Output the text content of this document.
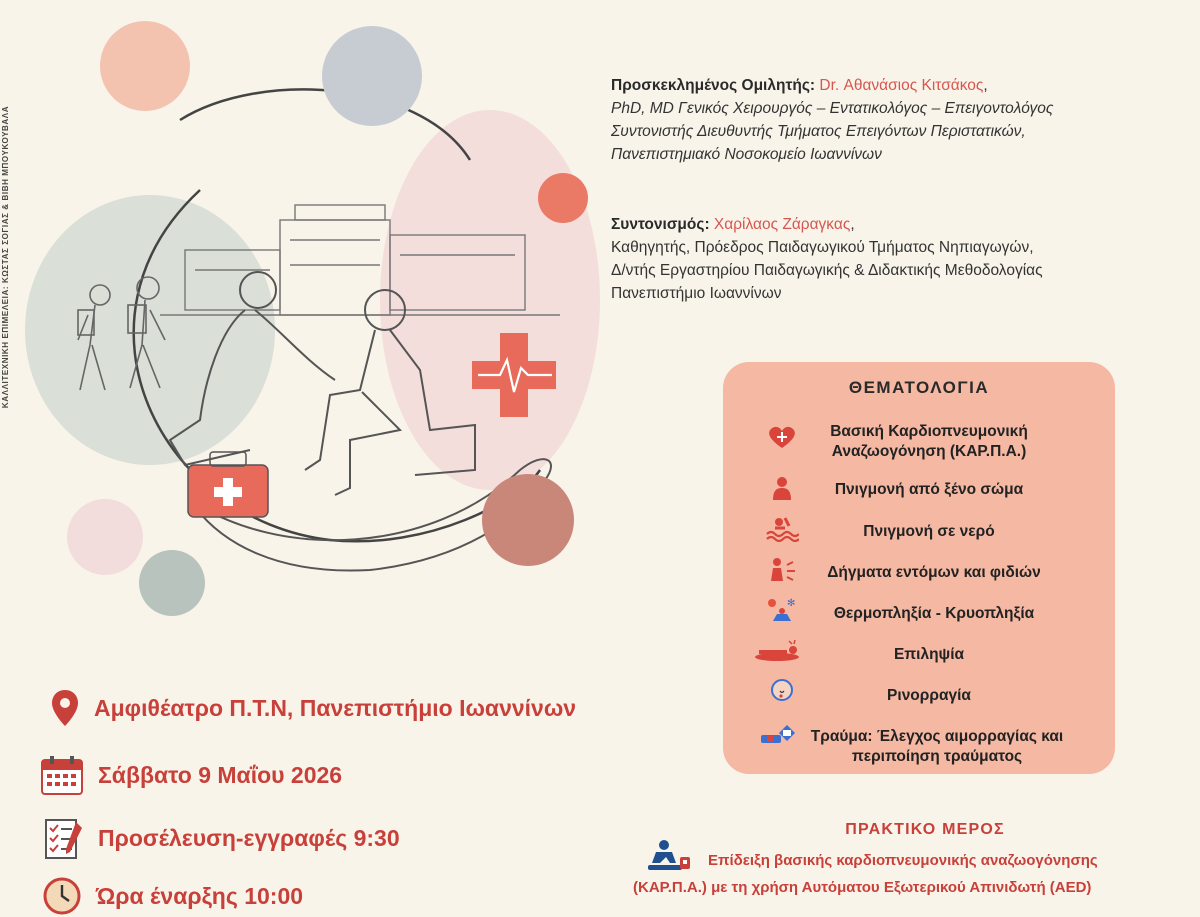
ΚΑΛΛΙΤΕΧΝΙΚΗ ΕΠΙΜΕΛΕΙΑ: ΚΩΣΤΑΣ ΣΟΓΙΑΣ & ΒΙΒΗ ΜΠΟΥΚΟΥΒΑΛΑ
Προσκεκλημένος Ομιλητής: Dr. Αθανάσιος Κιτσάκος,
PhD, MD Γενικός Χειρουργός – Εντατικολόγος – Επειγοντολόγος
Συντονιστής Διευθυντής Τμήματος Επειγόντων Περιστατικών,
Πανεπιστημιακό Νοσοκομείο Ιωαννίνων
Συντονισμός: Χαρίλαος Ζάραγκας,
Καθηγητής, Πρόεδρος Παιδαγωγικού Τμήματος Νηπιαγωγών,
Δ/ντής Εργαστηρίου Παιδαγωγικής & Διδακτικής Μεθοδολογίας
Πανεπιστήμιο Ιωαννίνων
ΘΕΜΑΤΟΛΟΓΙΑ
Βασική Καρδιοπνευμονική
Αναζωογόνηση (ΚΑΡ.Π.Α.)
Πνιγμονή από ξένο σώμα
Πνιγμονή σε νερό
Δήγματα εντόμων και φιδιών
✻
Θερμοπληξία - Κρυοπληξία
Επιληψία
Ρινορραγία
Τραύμα: Έλεγχος αιμορραγίας και
περιποίηση τραύματος
Αμφιθέατρο Π.Τ.Ν, Πανεπιστήμιο Ιωαννίνων
Σάββατο 9 Μαΐου 2026
Προσέλευση-εγγραφές 9:30
Ώρα έναρξης 10:00
ΠΡΑΚΤΙΚΟ ΜΕΡΟΣ
Επίδειξη βασικής καρδιοπνευμονικής αναζωογόνησης
(ΚΑΡ.Π.Α.) με τη χρήση Αυτόματου Εξωτερικού Απινιδωτή (AED)
